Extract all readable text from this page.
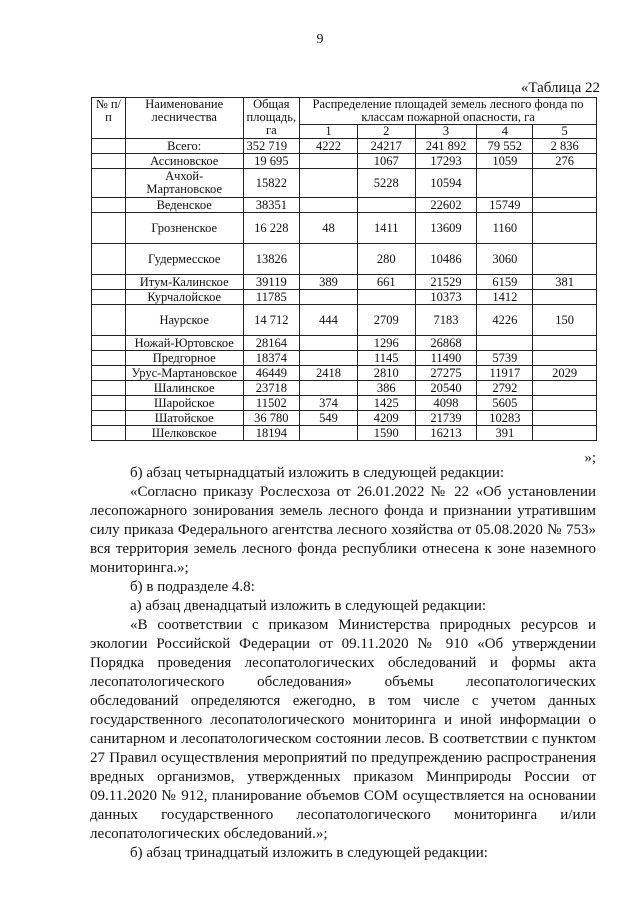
9
«Таблица 22
№ п/п	Наименование лесничества	Общая площадь, га	Распределение площадей земель лесного фонда по классам пожарной опасности, га				
			1	2	3	4	5
	Всего:	352 719	4222	24217	241 892	79 552	2 836
	Ассиновское	19 695		1067	17293	1059	276
	Ачхой-Мартановское	15822		5228	10594		
	Веденское	38351			22602	15749	
	Грозненское	16 228	48	1411	13609	1160	
	Гудермесское	13826		280	10486	3060	
	Итум-Калинское	39119	389	661	21529	6159	381
	Курчалойское	11785			10373	1412	
	Наурское	14 712	444	2709	7183	4226	150
	Ножай-Юртовское	28164		1296	26868		
	Предгорное	18374		1145	11490	5739	
	Урус-Мартановское	46449	2418	2810	27275	11917	2029
	Шалинское	23718		386	20540	2792	
	Шаройское	11502	374	1425	4098	5605	
	Шатойское	36 780	549	4209	21739	10283	
	Шелковское	18194		1590	16213	391	
»;

б) абзац четырнадцатый изложить в следующей редакции:

«Согласно приказу Рослесхоза от 26.01.2022 № 22 «Об установлении лесопожарного зонирования земель лесного фонда и признании утратившим силу приказа Федерального агентства лесного хозяйства от 05.08.2020 № 753» вся территория земель лесного фонда республики отнесена к зоне наземного мониторинга.»;

б) в подразделе 4.8:

а) абзац двенадцатый изложить в следующей редакции:

«В соответствии с приказом Министерства природных ресурсов и экологии Российской Федерации от 09.11.2020 № 910 «Об утверждении Порядка проведения лесопатологических обследований и формы акта лесопатологического обследования» объемы лесопатологических обследований определяются ежегодно, в том числе с учетом данных государственного лесопатологического мониторинга и иной информации о санитарном и лесопатологическом состоянии лесов. В соответствии с пунктом 27 Правил осуществления мероприятий по предупреждению распространения вредных организмов, утвержденных приказом Минприроды России от 09.11.2020 № 912, планирование объемов СОМ осуществляется на основании данных государственного лесопатологического мониторинга и/или лесопатологических обследований.»;

б) абзац тринадцатый изложить в следующей редакции:
